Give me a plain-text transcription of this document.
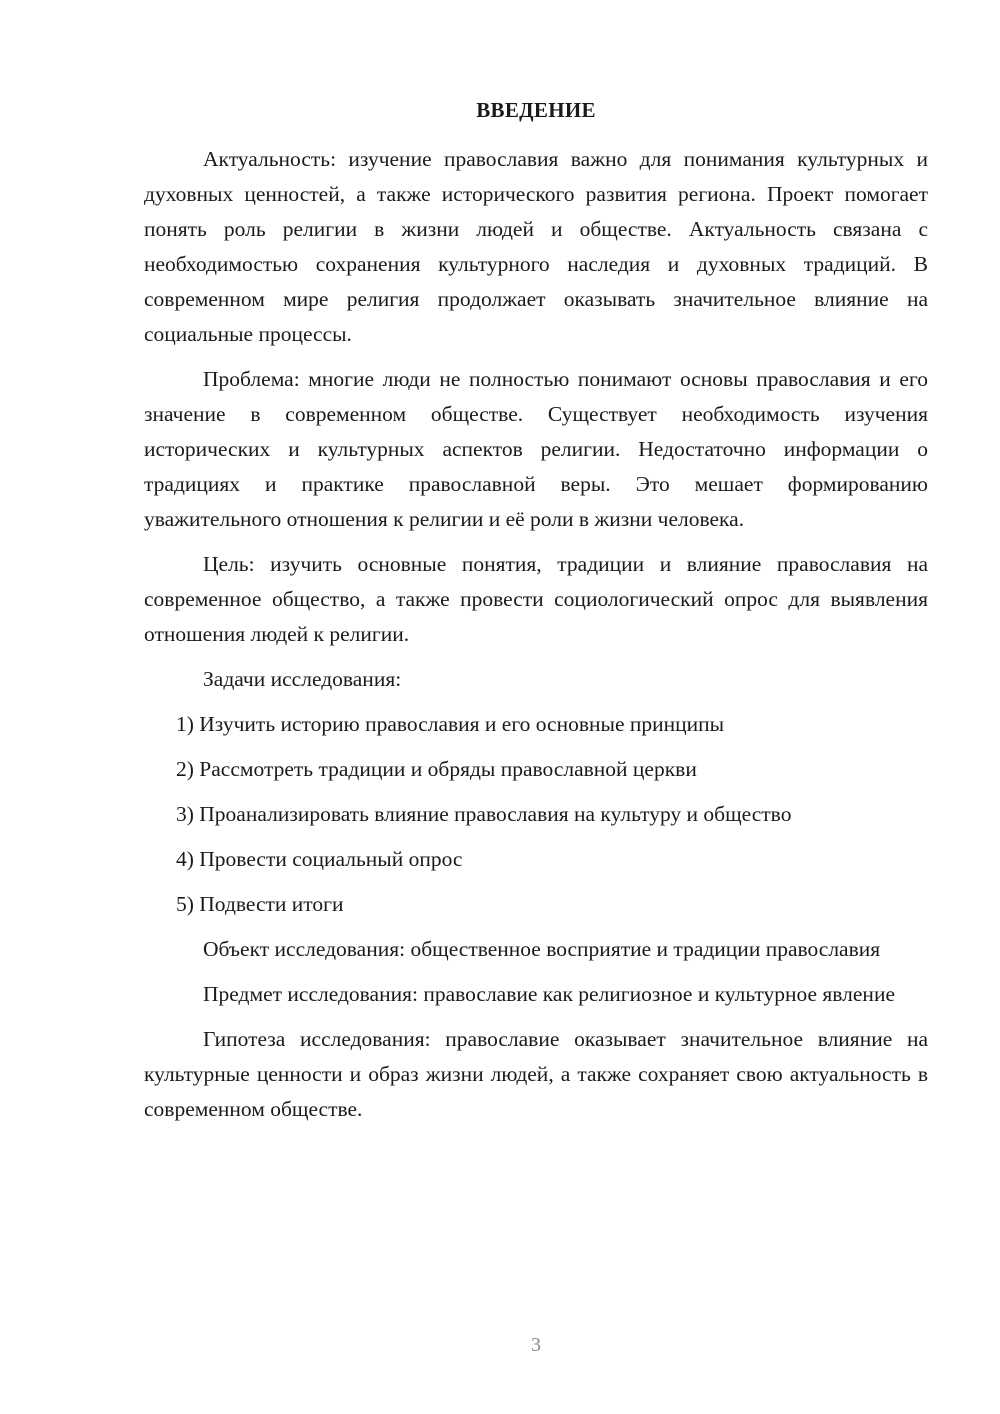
ВВЕДЕНИЕ

Актуальность: изучение православия важно для понимания культурных и духовных ценностей, а также исторического развития региона. Проект помогает понять роль религии в жизни людей и обществе. Актуальность связана с необходимостью сохранения культурного наследия и духовных традиций. В современном мире религия продолжает оказывать значительное влияние на социальные процессы.

Проблема: многие люди не полностью понимают основы православия и его значение в современном обществе. Существует необходимость изучения исторических и культурных аспектов религии. Недостаточно информации о традициях и практике православной веры. Это мешает формированию уважительного отношения к религии и её роли в жизни человека.

Цель: изучить основные понятия, традиции и влияние православия на современное общество, а также провести социологический опрос для выявления отношения людей к религии.

Задачи исследования:

1) Изучить историю православия и его основные принципы
2) Рассмотреть традиции и обряды православной церкви
3) Проанализировать влияние православия на культуру и общество
4) Провести социальный опрос
5) Подвести итоги

Объект исследования: общественное восприятие и традиции православия

Предмет исследования: православие как религиозное и культурное явление

Гипотеза исследования: православие оказывает значительное влияние на культурные ценности и образ жизни людей, а также сохраняет свою актуальность в современном обществе.

3
